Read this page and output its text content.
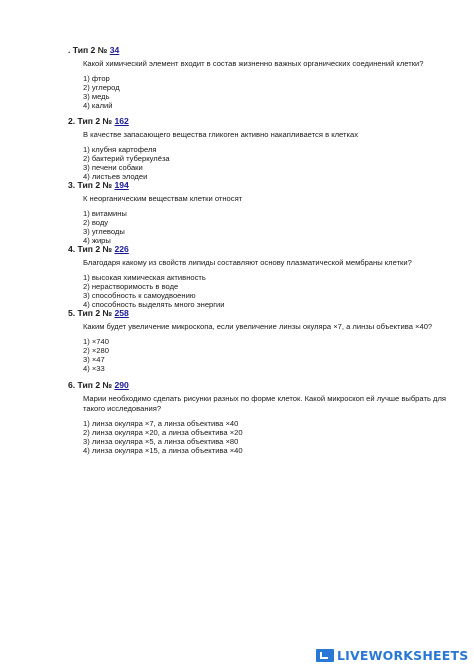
. Тип 2 № 34
Какой химический элемент входит в состав жизненно важных органических соединений клетки?
1) фтор
2) углерод
3) медь
4) калий
2. Тип 2 № 162
В качестве запасающего вещества гликоген активно накапливается в клетках
1) клубня картофеля
2) бактерий туберкулёза
3) печени собаки
4) листьев элодеи
3. Тип 2 № 194
К неорганическим веществам клетки относят
1) витамины
2) воду
3) углеводы
4) жиры
4. Тип 2 № 226
Благодаря какому из свойств липиды составляют основу плазматической мембраны клетки?
1) высокая химическая активность
2) нерастворимость в воде
3) способность к самоудвоению
4) способность выделять много энергии
5. Тип 2 № 258
Каким будет увеличение микроскопа, если увеличение линзы окуляра ×7, а линзы объектива ×40?
1) ×740
2) ×280
3) ×47
4) ×33
6. Тип 2 № 290
Марии необходимо сделать рисунки разных по форме клеток. Какой микроскоп ей лучше выбрать для такого исследования?
1) линза окуляра ×7, а линза объектива ×40
2) линза окуляра ×20, а линза объектива ×20
3) линза окуляра ×5, а линза объектива ×80
4) линза окуляра ×15, а линза объектива ×40
LIVEWORKSHEETS
